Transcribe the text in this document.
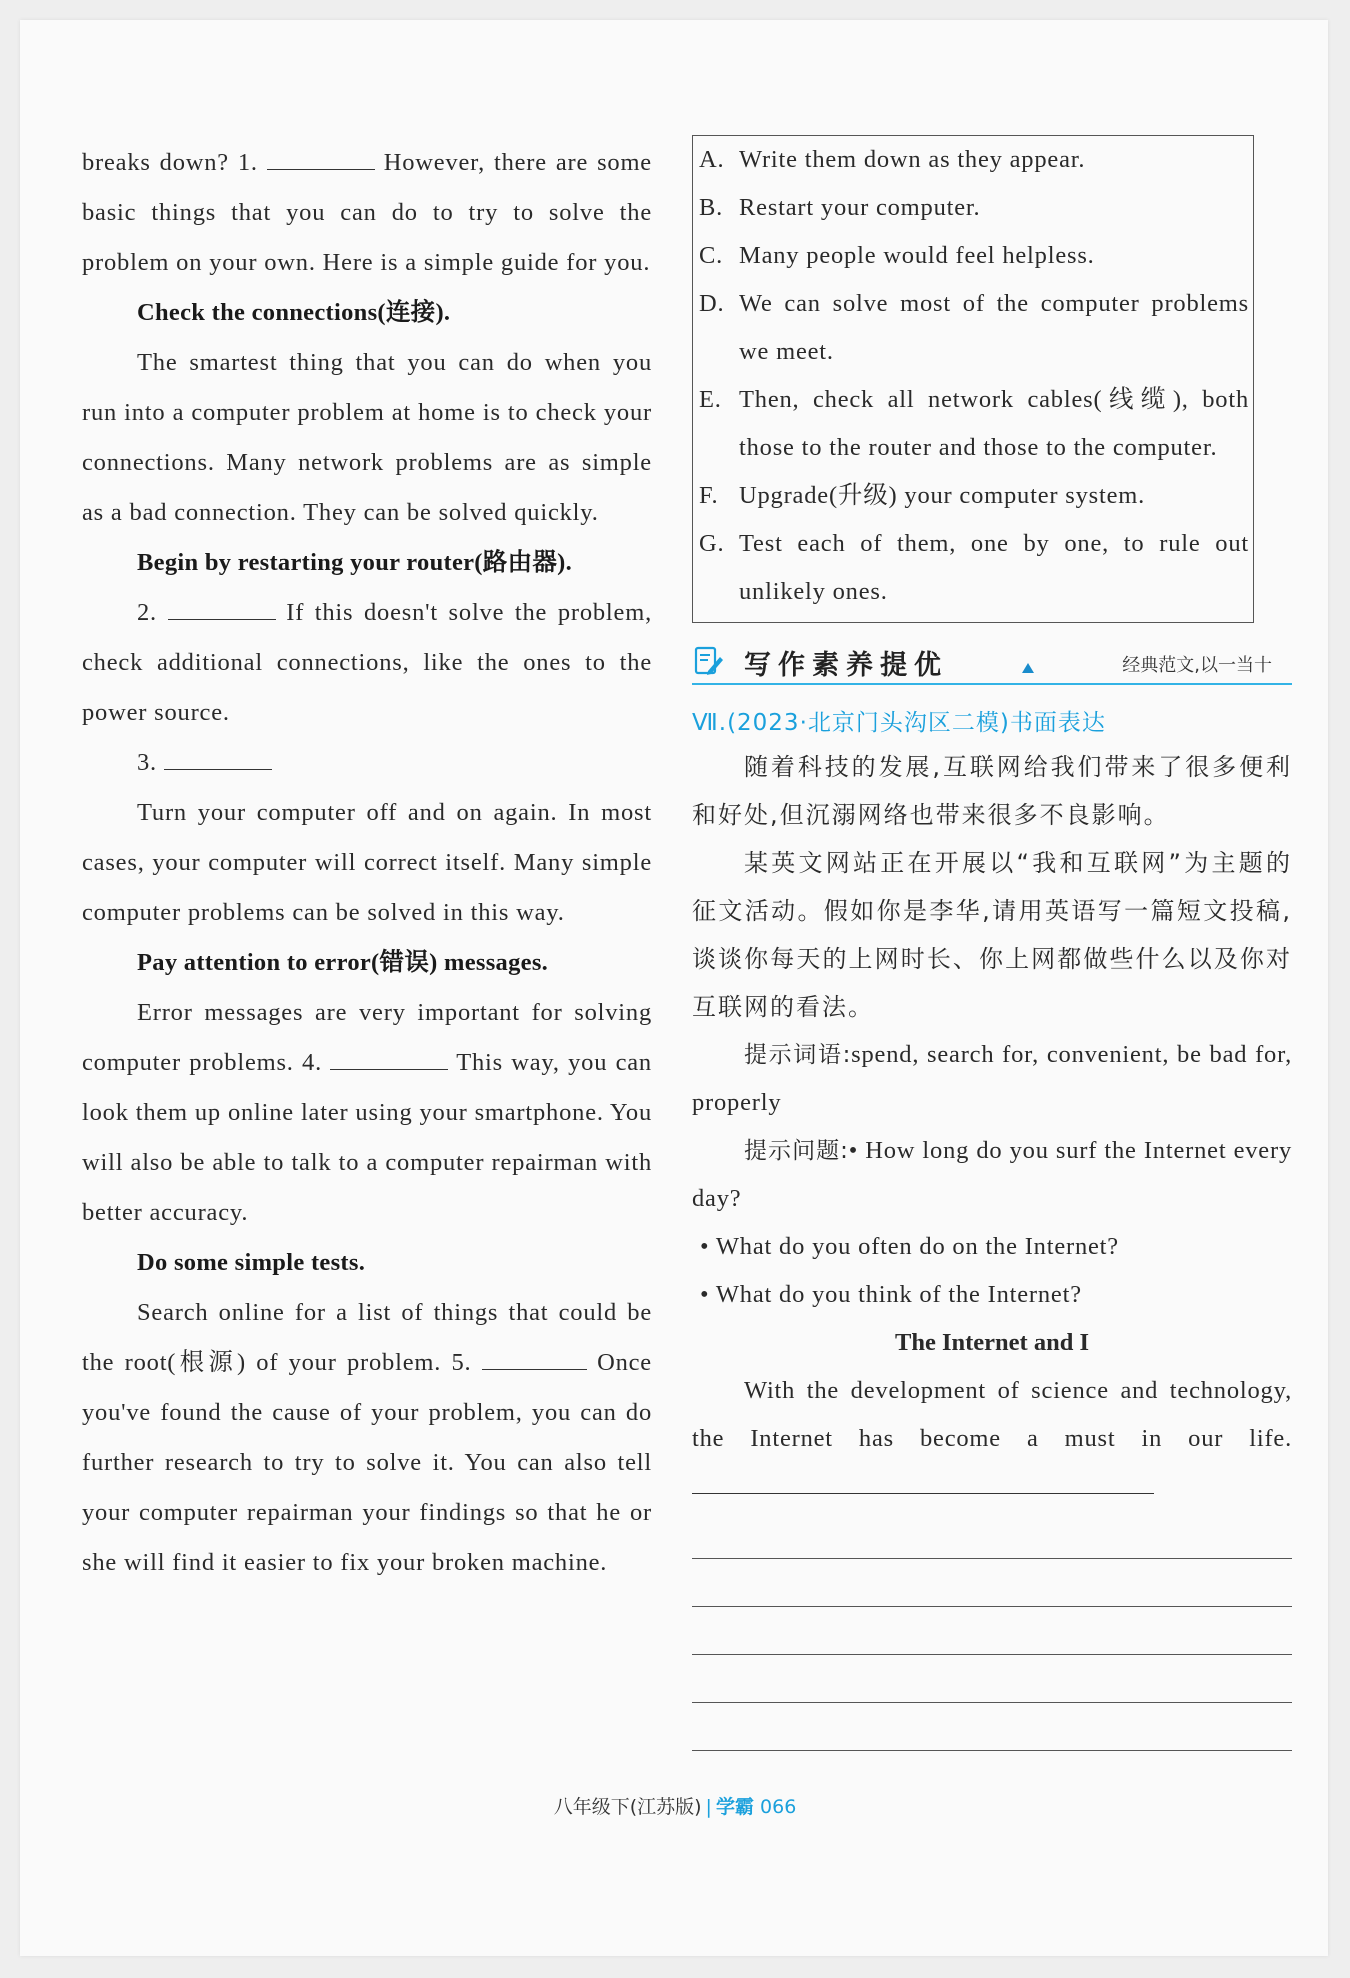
breaks down? 1.	However, there are some basic things that you can do to try to solve the problem on your own. Here is a simple guide for you.

Check the connections(连接).

The smartest thing that you can do when you run into a computer problem at home is to check your connections. Many network problems are as simple as a bad connection. They can be solved quickly.

Begin by restarting your router(路由器).

2.	If this doesn't solve the problem, check additional connections, like the ones to the power source.

3.

Turn your computer off and on again. In most cases, your computer will correct itself. Many simple computer problems can be solved in this way.

Pay attention to error(错误) messages.

Error messages are very important for solving computer problems. 4.	This way, you can look them up online later using your smartphone. You will also be able to talk to a computer repairman with better accuracy.

Do some simple tests.

Search online for a list of things that could be the root(根源) of your problem. 5.	Once you've found the cause of your problem, you can do further research to try to solve it. You can also tell your computer repairman your findings so that he or she will find it easier to fix your broken machine.

A. Write them down as they appear.
B. Restart your computer.
C. Many people would feel helpless.
D. We can solve most of the computer problems we meet.
E. Then, check all network cables(线缆), both those to the router and those to the computer.
F. Upgrade(升级) your computer system.
G. Test each of them, one by one, to rule out unlikely ones.
写作素养提优	经典范文,以一当十
Ⅶ.(2023·北京门头沟区二模)书面表达

随着科技的发展,互联网给我们带来了很多便利和好处,但沉溺网络也带来很多不良影响。

某英文网站正在开展以“我和互联网”为主题的征文活动。假如你是李华,请用英语写一篇短文投稿,谈谈你每天的上网时长、你上网都做些什么以及你对互联网的看法。

提示词语:spend, search for, convenient, be bad for, properly

提示问题:• How long do you surf the Internet every day?

• What do you often do on the Internet?

• What do you think of the Internet?

The Internet and I

With the development of science and technology, the Internet has become a must in our life.

八年级下(江苏版) | 学霸 066
